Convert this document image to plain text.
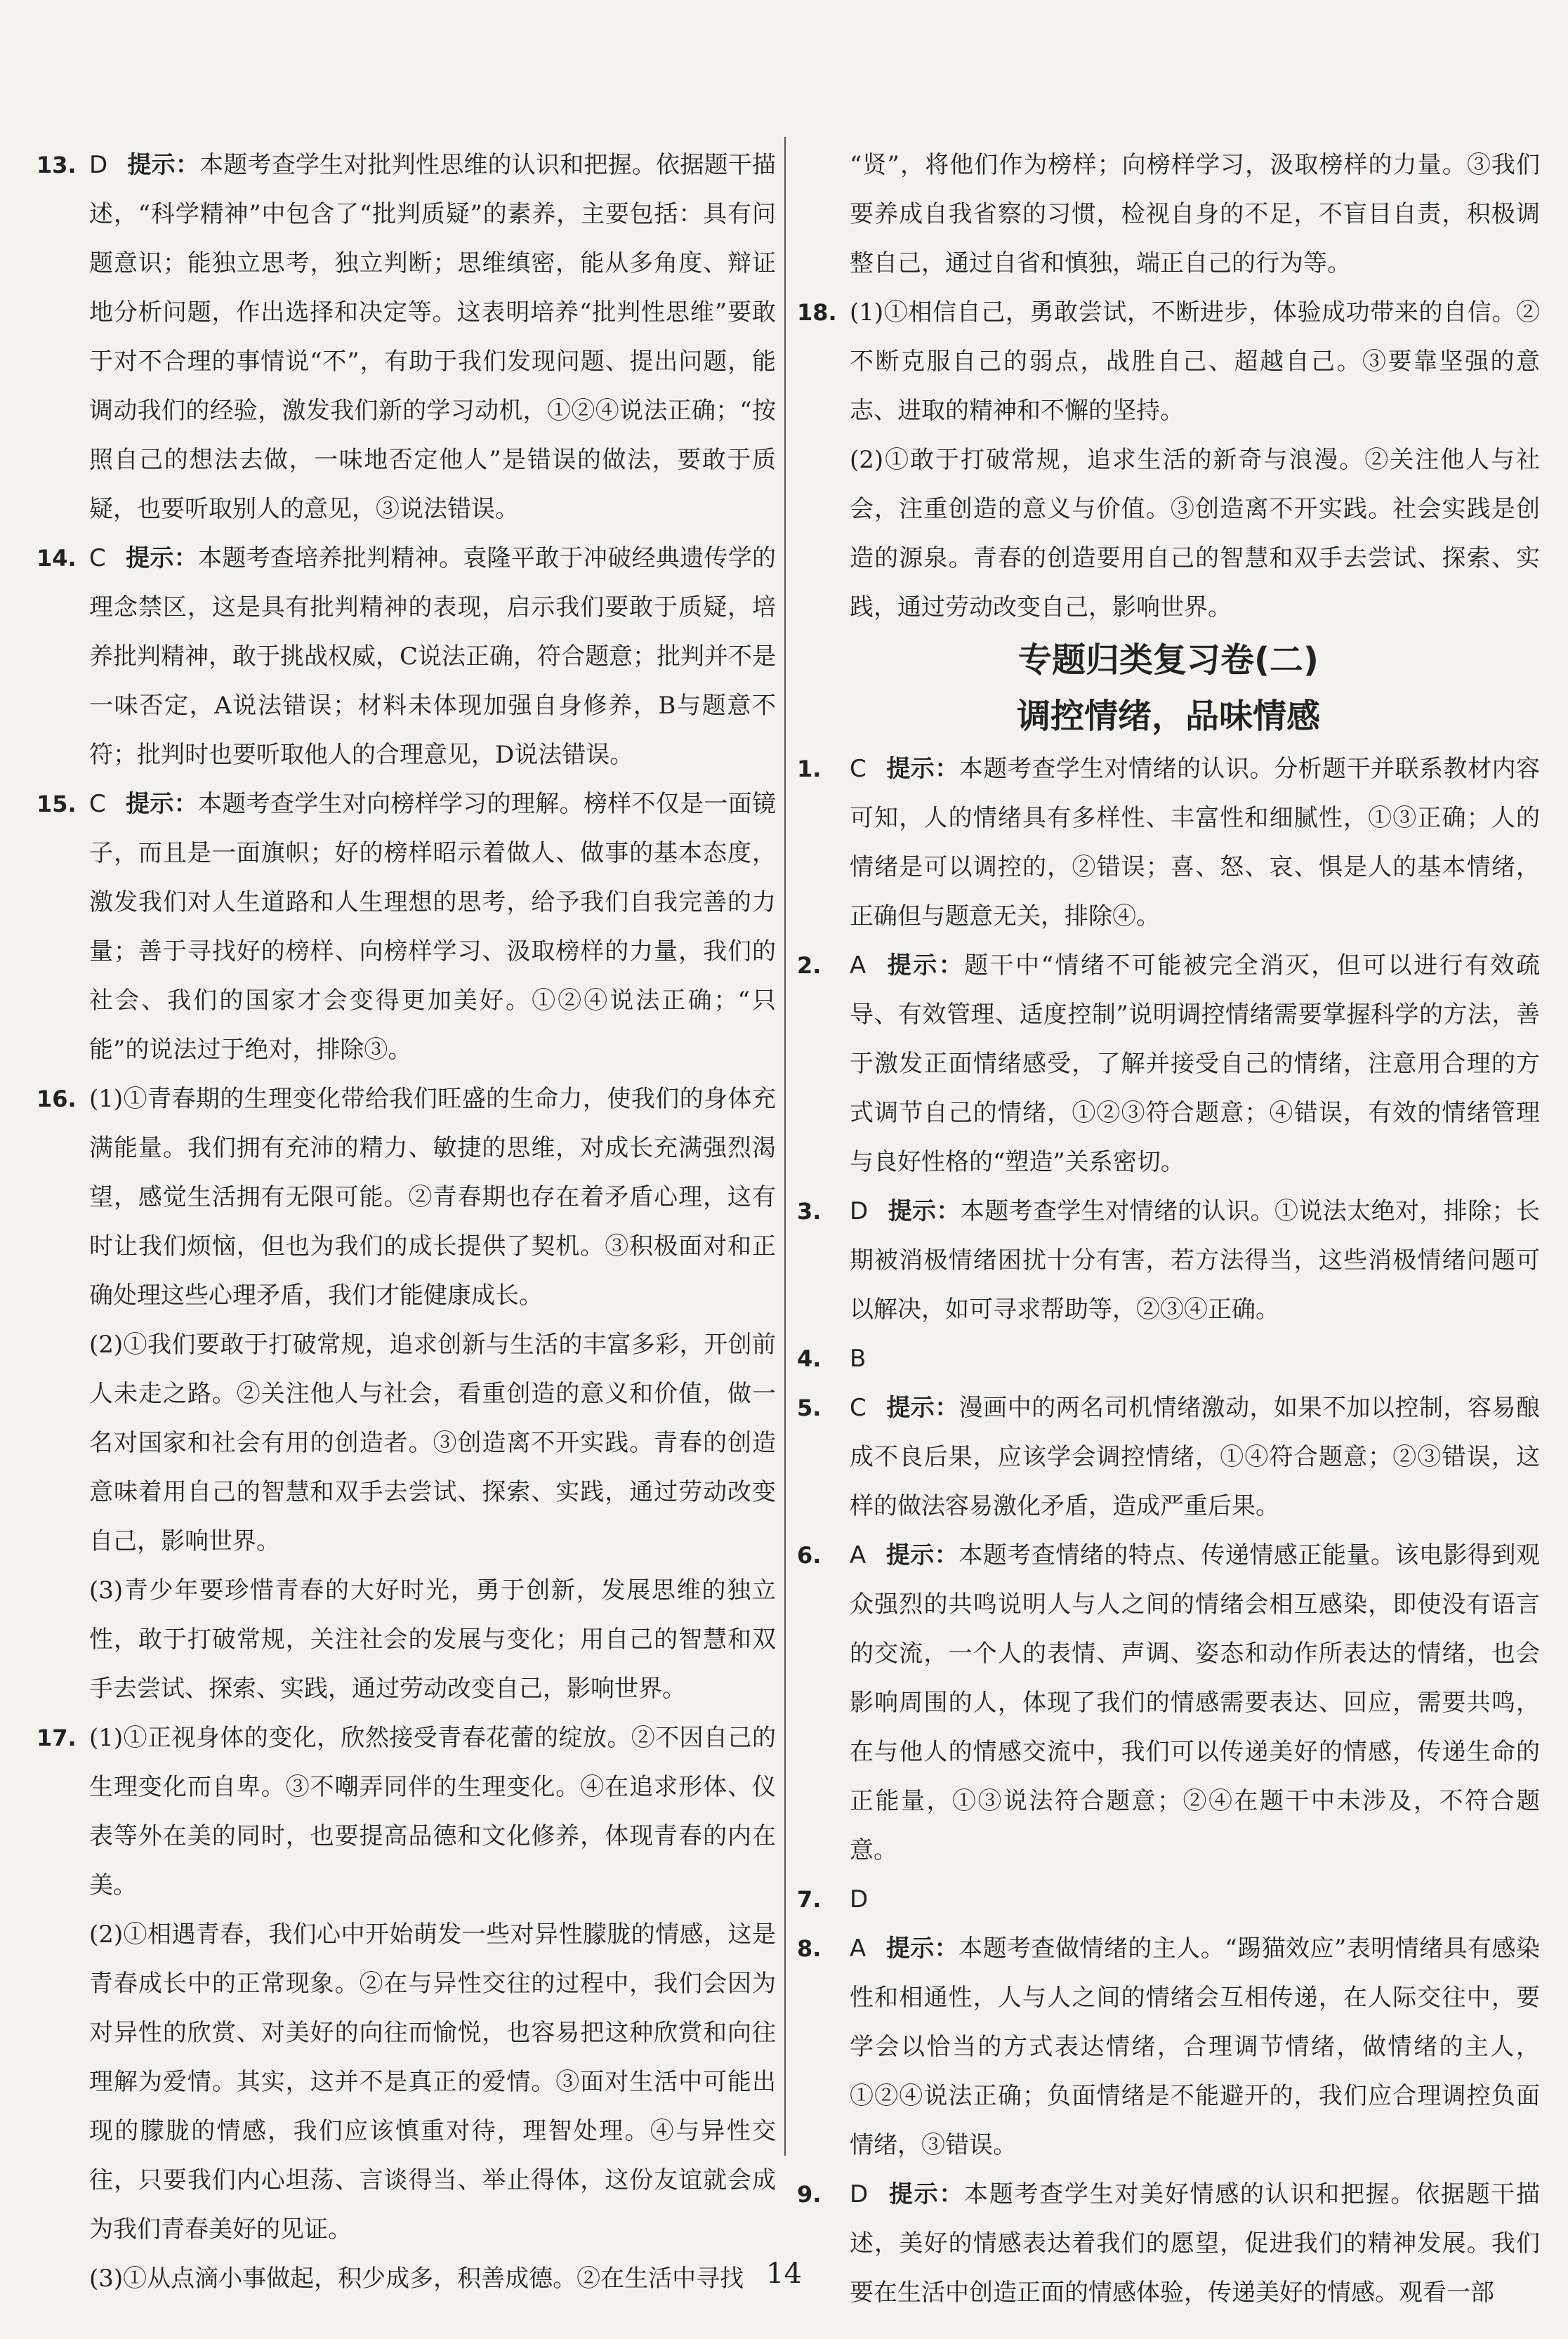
13. D 提示：本题考查学生对批判性思维的认识和把握。依据题干描述，“科学精神”中包含了“批判质疑”的素养，主要包括：具有问题意识；能独立思考，独立判断；思维缜密，能从多角度、辩证地分析问题，作出选择和决定等。这表明培养“批判性思维”要敢于对不合理的事情说“不”，有助于我们发现问题、提出问题，能调动我们的经验，激发我们新的学习动机，①②④说法正确；“按照自己的想法去做，一味地否定他人”是错误的做法，要敢于质疑，也要听取别人的意见，③说法错误。
14. C 提示：本题考查培养批判精神。袁隆平敢于冲破经典遗传学的理念禁区，这是具有批判精神的表现，启示我们要敢于质疑，培养批判精神，敢于挑战权威，C说法正确，符合题意；批判并不是一味否定，A说法错误；材料未体现加强自身修养，B与题意不符；批判时也要听取他人的合理意见，D说法错误。
15. C 提示：本题考查学生对向榜样学习的理解。榜样不仅是一面镜子，而且是一面旗帜；好的榜样昭示着做人、做事的基本态度，激发我们对人生道路和人生理想的思考，给予我们自我完善的力量；善于寻找好的榜样、向榜样学习、汲取榜样的力量，我们的社会、我们的国家才会变得更加美好。①②④说法正确；“只能”的说法过于绝对，排除③。
16. (1)①青春期的生理变化带给我们旺盛的生命力，使我们的身体充满能量。我们拥有充沛的精力、敏捷的思维，对成长充满强烈渴望，感觉生活拥有无限可能。②青春期也存在着矛盾心理，这有时让我们烦恼，但也为我们的成长提供了契机。③积极面对和正确处理这些心理矛盾，我们才能健康成长。
(2)①我们要敢于打破常规，追求创新与生活的丰富多彩，开创前人未走之路。②关注他人与社会，看重创造的意义和价值，做一名对国家和社会有用的创造者。③创造离不开实践。青春的创造意味着用自己的智慧和双手去尝试、探索、实践，通过劳动改变自己，影响世界。
(3)青少年要珍惜青春的大好时光，勇于创新，发展思维的独立性，敢于打破常规，关注社会的发展与变化；用自己的智慧和双手去尝试、探索、实践，通过劳动改变自己，影响世界。
17. (1)①正视身体的变化，欣然接受青春花蕾的绽放。②不因自己的生理变化而自卑。③不嘲弄同伴的生理变化。④在追求形体、仪表等外在美的同时，也要提高品德和文化修养，体现青春的内在美。
(2)①相遇青春，我们心中开始萌发一些对异性朦胧的情感，这是青春成长中的正常现象。②在与异性交往的过程中，我们会因为对异性的欣赏、对美好的向往而愉悦，也容易把这种欣赏和向往理解为爱情。其实，这并不是真正的爱情。③面对生活中可能出现的朦胧的情感，我们应该慎重对待，理智处理。④与异性交往，只要我们内心坦荡、言谈得当、举止得体，这份友谊就会成为我们青春美好的见证。
(3)①从点滴小事做起，积少成多，积善成德。②在生活中寻找
“贤”，将他们作为榜样；向榜样学习，汲取榜样的力量。③我们要养成自我省察的习惯，检视自身的不足，不盲目自责，积极调整自己，通过自省和慎独，端正自己的行为等。
18. (1)①相信自己，勇敢尝试，不断进步，体验成功带来的自信。②不断克服自己的弱点，战胜自己、超越自己。③要靠坚强的意志、进取的精神和不懈的坚持。
(2)①敢于打破常规，追求生活的新奇与浪漫。②关注他人与社会，注重创造的意义与价值。③创造离不开实践。社会实践是创造的源泉。青春的创造要用自己的智慧和双手去尝试、探索、实践，通过劳动改变自己，影响世界。
专题归类复习卷(二)
调控情绪，品味情感
1. C 提示：本题考查学生对情绪的认识。分析题干并联系教材内容可知，人的情绪具有多样性、丰富性和细腻性，①③正确；人的情绪是可以调控的，②错误；喜、怒、哀、惧是人的基本情绪，正确但与题意无关，排除④。
2. A 提示：题干中“情绪不可能被完全消灭，但可以进行有效疏导、有效管理、适度控制”说明调控情绪需要掌握科学的方法，善于激发正面情绪感受，了解并接受自己的情绪，注意用合理的方式调节自己的情绪，①②③符合题意；④错误，有效的情绪管理与良好性格的“塑造”关系密切。
3. D 提示：本题考查学生对情绪的认识。①说法太绝对，排除；长期被消极情绪困扰十分有害，若方法得当，这些消极情绪问题可以解决，如可寻求帮助等，②③④正确。
4. B
5. C 提示：漫画中的两名司机情绪激动，如果不加以控制，容易酿成不良后果，应该学会调控情绪，①④符合题意；②③错误，这样的做法容易激化矛盾，造成严重后果。
6. A 提示：本题考查情绪的特点、传递情感正能量。该电影得到观众强烈的共鸣说明人与人之间的情绪会相互感染，即使没有语言的交流，一个人的表情、声调、姿态和动作所表达的情绪，也会影响周围的人，体现了我们的情感需要表达、回应，需要共鸣，在与他人的情感交流中，我们可以传递美好的情感，传递生命的正能量，①③说法符合题意；②④在题干中未涉及，不符合题意。
7. D
8. A 提示：本题考查做情绪的主人。“踢猫效应”表明情绪具有感染性和相通性，人与人之间的情绪会互相传递，在人际交往中，要学会以恰当的方式表达情绪，合理调节情绪，做情绪的主人，①②④说法正确；负面情绪是不能避开的，我们应合理调控负面情绪，③错误。
9. D 提示：本题考查学生对美好情感的认识和把握。依据题干描述，美好的情感表达着我们的愿望，促进我们的精神发展。我们要在生活中创造正面的情感体验，传递美好的情感。观看一部
14
